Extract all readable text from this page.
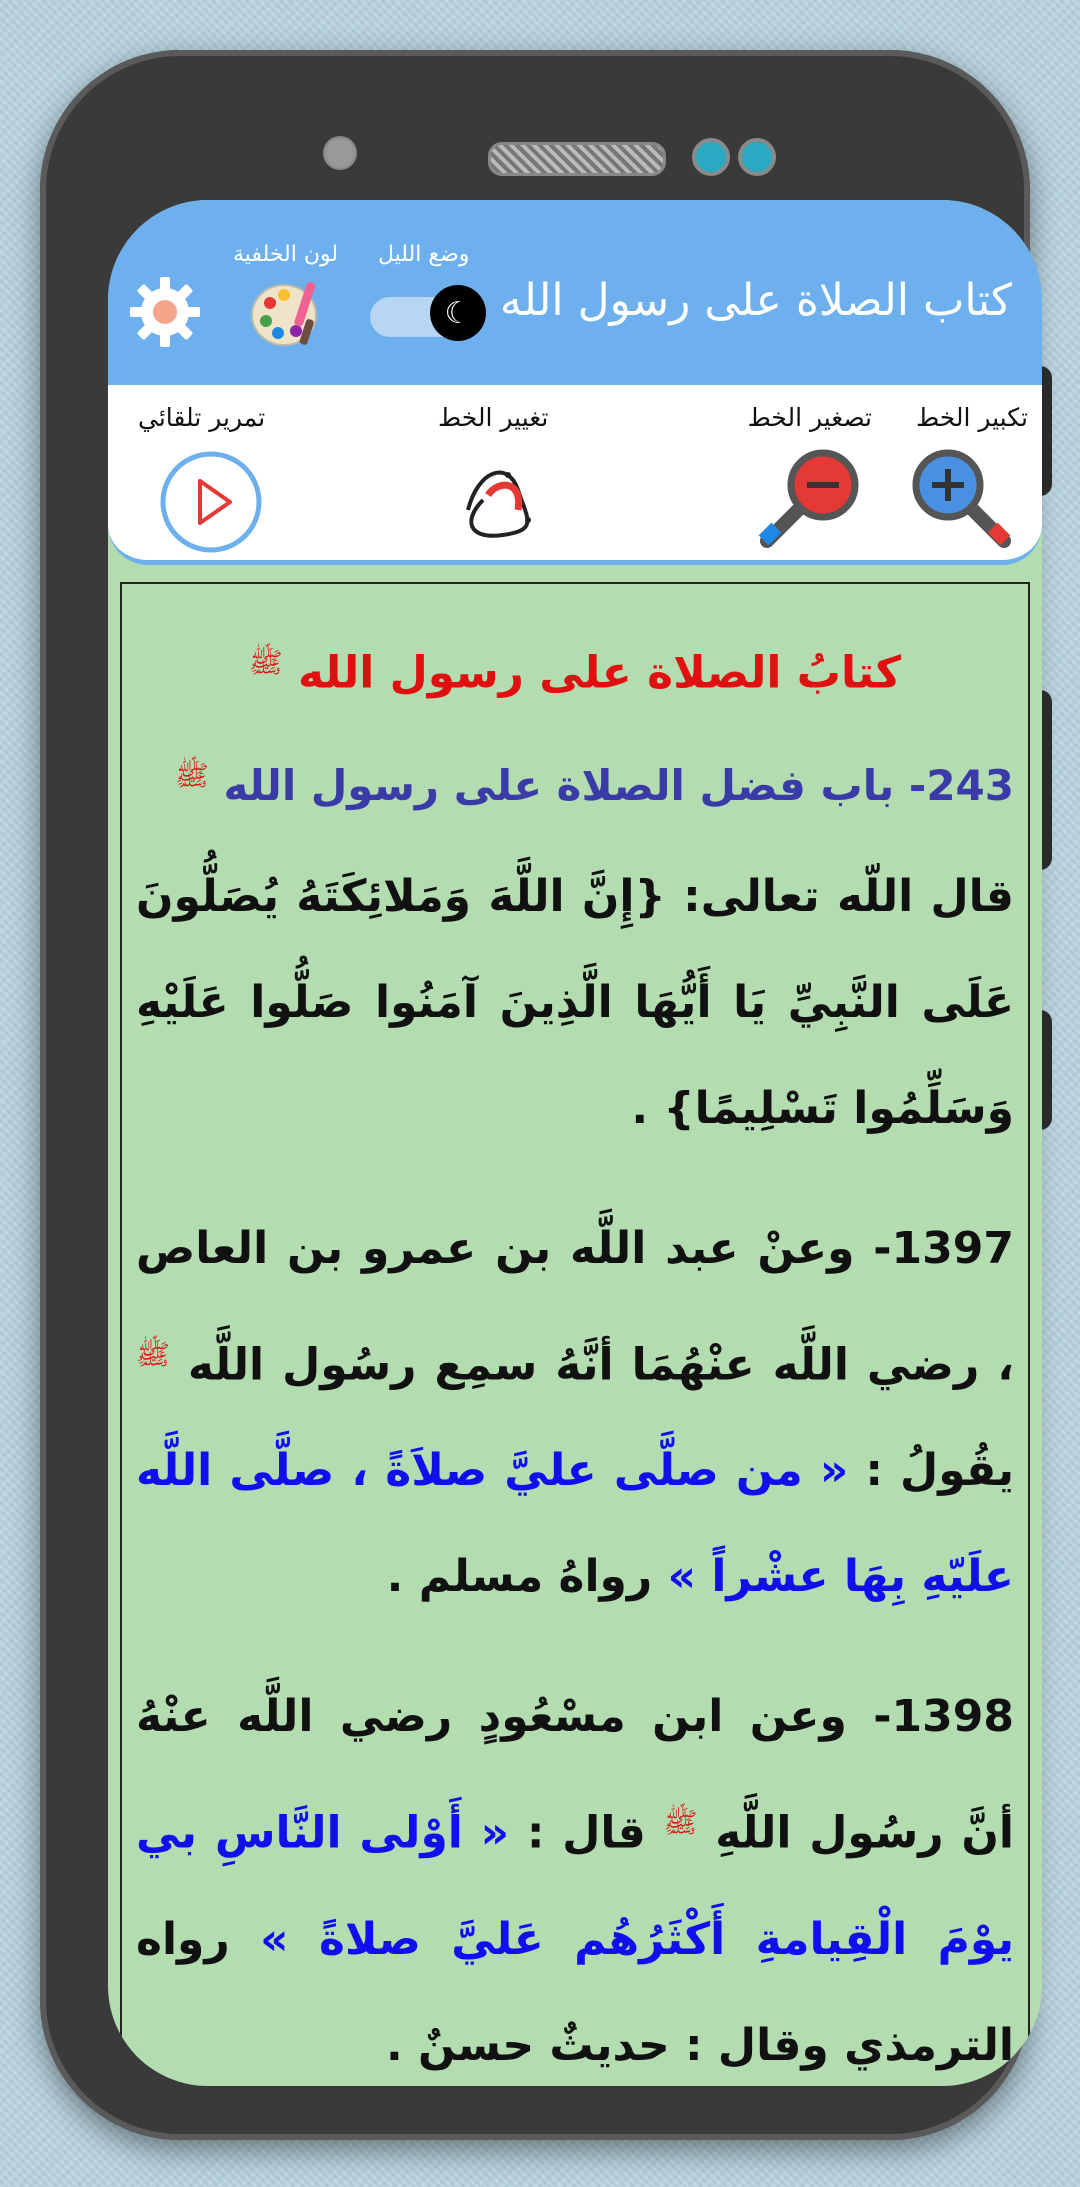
كتاب الصلاة على رسول الله
وضع الليل
لون الخلفية
☾
تكبير الخط
تصغير الخط
تغيير الخط
تمرير تلقائي
كتابُ الصلاة على رسول الله $^ﷺ$
243- باب فضل الصلاة على رسول الله $^ﷺ$
قال اللّه تعالى: {إِنَّ اللَّهَ وَمَلائِكَتَهُ يُصَلُّونَ عَلَى النَّبِيِّ يَا أَيُّهَا الَّذِينَ آمَنُوا صَلُّوا عَلَيْهِ وَسَلِّمُوا تَسْلِيمًا} .
1397- وعنْ عبد اللَّه بن عمرو بن العاص ، رضي اللَّه عنْهُمَا أنَّهُ سمِع رسُول اللَّه $^ﷺ$ يقُولُ : « من صلَّى عليَّ صلاَةً ، صلَّى اللَّه علَيّهِ بِهَا عشْراً » رواهُ مسلم .
1398- وعن ابن مسْعُودٍ رضي اللَّه عنْهُ أنَّ رسُول اللَّهِ $^ﷺ$ قال : « أَوْلى النَّاسِ بي يوْمَ الْقِيامةِ أَكْثَرُهُم عَليَّ صلاةً » رواه الترمذي وقال : حديثٌ حسنٌ .
